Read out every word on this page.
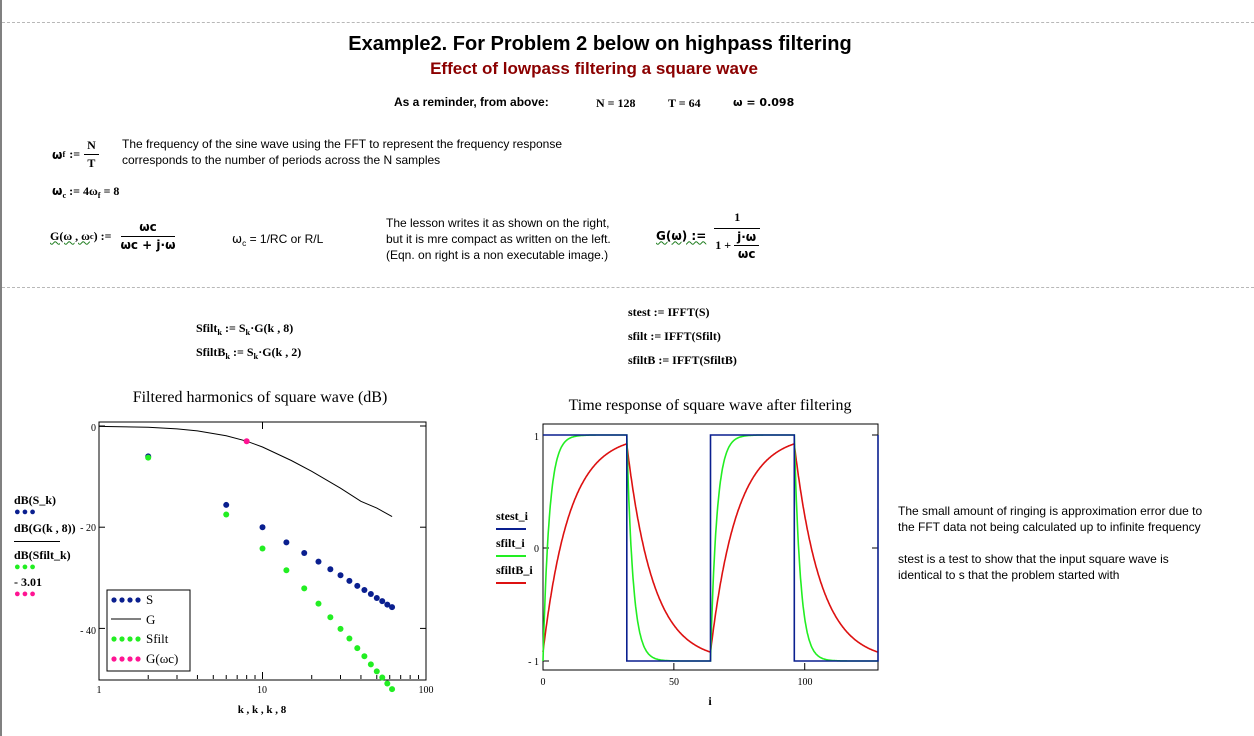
Example2. For Problem 2 below on highpass filtering
Effect of lowpass filtering a square wave
As a reminder, from above:	N = 128	T = 64	ω = 0.098
ω f := $\frac{N}{T}$ The frequency of the sine wave using the FFT to represent the frequency response
corresponds to the number of periods across the N samples
$\omega_c$ := $4\omega_f = 8$
G(ω , ω c ) := $\frac{\omega c}{\omega c + j\cdot\omega}$	$\omega_c = 1/RC$ or R/L
The lesson writes it as shown on the right,
but it is mre compact as written on the left.
(Eqn. on right is a non executable image.)
G(ω) := $\frac{1}{1 + \frac{j\cdot\omega}{\omega c}}$
Sfilt$_k$ := $S_k\cdot G(k$ , 8)
SfiltB$_k$ := $S_k\cdot G(k$ , 2)
stest := IFFT(S)
sfilt := IFFT(Sfilt)
sfiltB := IFFT(SfiltB)
The small amount of ringing is approximation error due to
the FFT data not being calculated up to infinite frequency
stest is a test to show that the input square wave is
identical to s that the problem started with
dB(S_k)
●●●
dB(G(k , 8))
dB(Sfilt_k)
●●●
- 3.01
●●●
stest_i
sfilt_i
sfiltB_i
Filtered harmonics of square wave (dB)
1	10	100
0
- 20
- 40
k , k , k , 8
S
G
Sfilt
G(ωc)
Time response of square wave after filtering
0	50	100
1
0
- 1
i
